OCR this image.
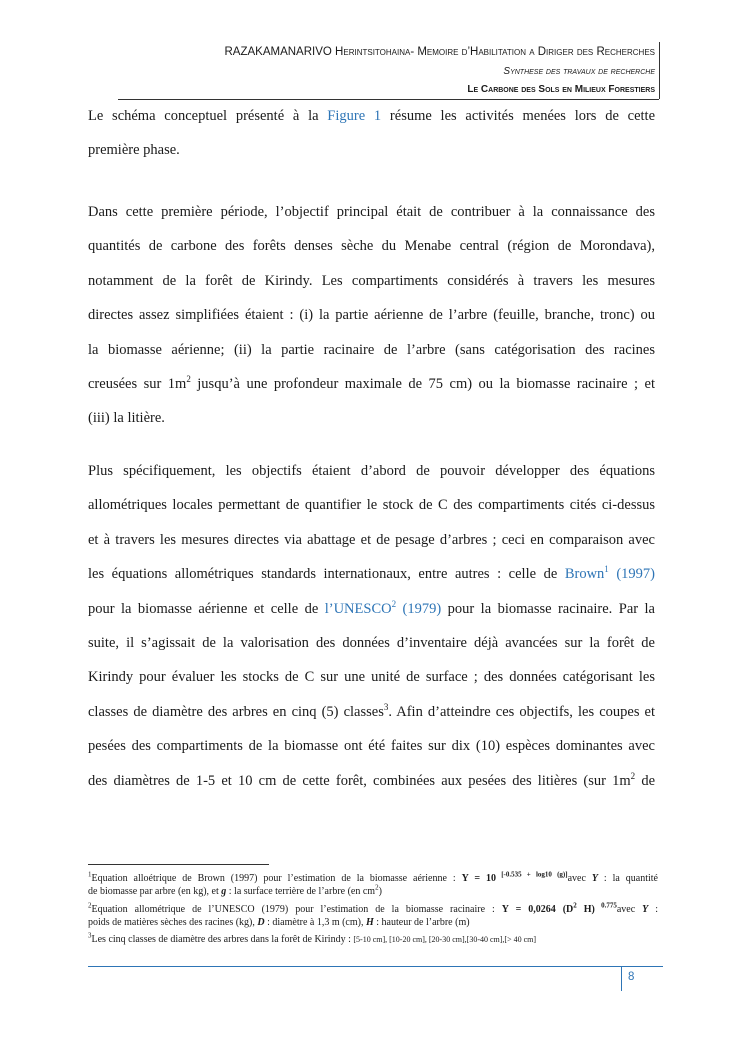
RAZAKAMANARIVO Herintsitohaina- Memoire d’Habilitation a Diriger des Recherches
Synthese des travaux de recherche
Le Carbone des Sols en Milieux Forestiers
Le schéma conceptuel présenté à la Figure 1 résume les activités menées lors de cette
première phase.
Dans cette première période, l’objectif principal était de contribuer à la connaissance des
quantités de carbone des forêts denses sèche du Menabe central (région de Morondava),
notamment de la forêt de Kirindy. Les compartiments considérés à travers les mesures
directes assez simplifiées étaient : (i) la partie aérienne de l’arbre (feuille, branche, tronc) ou
la biomasse aérienne; (ii) la partie racinaire de l’arbre (sans catégorisation des racines
creusées sur $1m^2$ jusqu’à une profondeur maximale de 75 cm) ou la biomasse racinaire ; et
(iii) la litière.
Plus spécifiquement, les objectifs étaient d’abord de pouvoir développer des équations
allométriques locales permettant de quantifier le stock de C des compartiments cités ci-dessus
et à travers les mesures directes via abattage et de pesage d’arbres ; ceci en comparaison avec
les équations allométriques standards internationaux, entre autres : celle de Brown$^1$ (1997)
pour la biomasse aérienne et celle de l’UNESCO$^2$ (1979) pour la biomasse racinaire. Par la
suite, il s’agissait de la valorisation des données d’inventaire déjà avancées sur la forêt de
Kirindy pour évaluer les stocks de C sur une unité de surface ; des données catégorisant les
classes de diamètre des arbres en cinq (5) classes$^3$. Afin d’atteindre ces objectifs, les coupes et
pesées des compartiments de la biomasse ont été faites sur dix (10) espèces dominantes avec
des diamètres de 1-5 et 10 cm de cette forêt, combinées aux pesées des litières (sur $1m^2$ de
$^1$Equation alloétrique de Brown (1997) pour l’estimation de la biomasse aérienne : Y = 10 [-0.535 + log10 (g)]avec Y : la quantité
de biomasse par arbre (en kg), et g : la surface terrière de l’arbre (en $cm^2$)
$^2$Equation allométrique de l’UNESCO (1979) pour l’estimation de la biomasse racinaire : Y = 0,0264 ($D^2$ H) $^{0.775}$avec Y :
poids de matières sèches des racines (kg), D : diamètre à 1,3 m (cm), H : hauteur de l’arbre (m)
$^3$Les cinq classes de diamètre des arbres dans la forêt de Kirindy : [5-10 cm], [10-20 cm], [20-30 cm],[30-40 cm],[> 40 cm]
8
